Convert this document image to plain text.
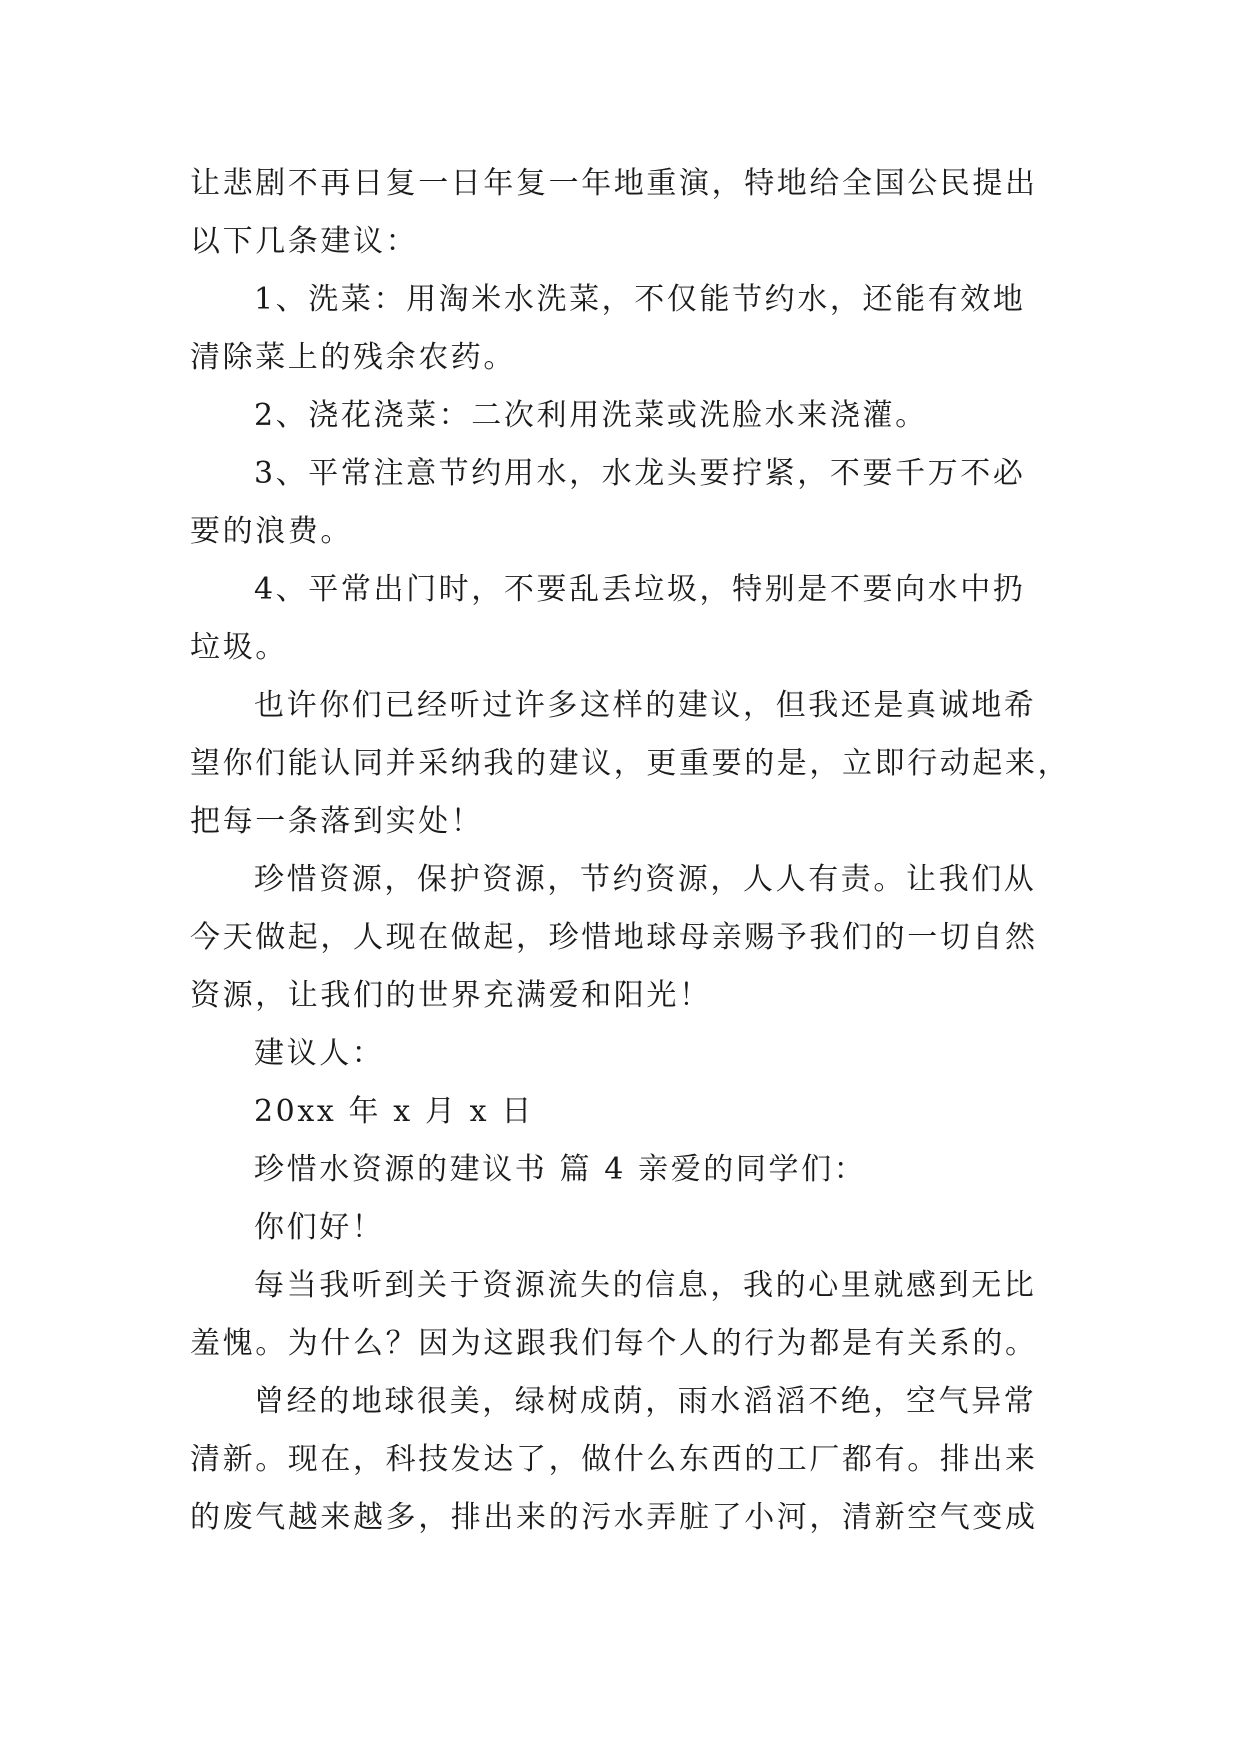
让悲剧不再日复一日年复一年地重演，特地给全国公民提出
以下几条建议：
1、洗菜：用淘米水洗菜，不仅能节约水，还能有效地
清除菜上的残余农药。
2、浇花浇菜：二次利用洗菜或洗脸水来浇灌。
3、平常注意节约用水，水龙头要拧紧，不要千万不必
要的浪费。
4、平常出门时，不要乱丢垃圾，特别是不要向水中扔
垃圾。
也许你们已经听过许多这样的建议，但我还是真诚地希
望你们能认同并采纳我的建议，更重要的是，立即行动起来，
把每一条落到实处！
珍惜资源，保护资源，节约资源，人人有责。让我们从
今天做起，人现在做起，珍惜地球母亲赐予我们的一切自然
资源，让我们的世界充满爱和阳光！
建议人：
20xx 年 x 月 x 日
珍惜水资源的建议书 篇 4 亲爱的同学们：
你们好！
每当我听到关于资源流失的信息，我的心里就感到无比
羞愧。为什么？因为这跟我们每个人的行为都是有关系的。
曾经的地球很美，绿树成荫，雨水滔滔不绝，空气异常
清新。现在，科技发达了，做什么东西的工厂都有。排出来
的废气越来越多，排出来的污水弄脏了小河，清新空气变成
